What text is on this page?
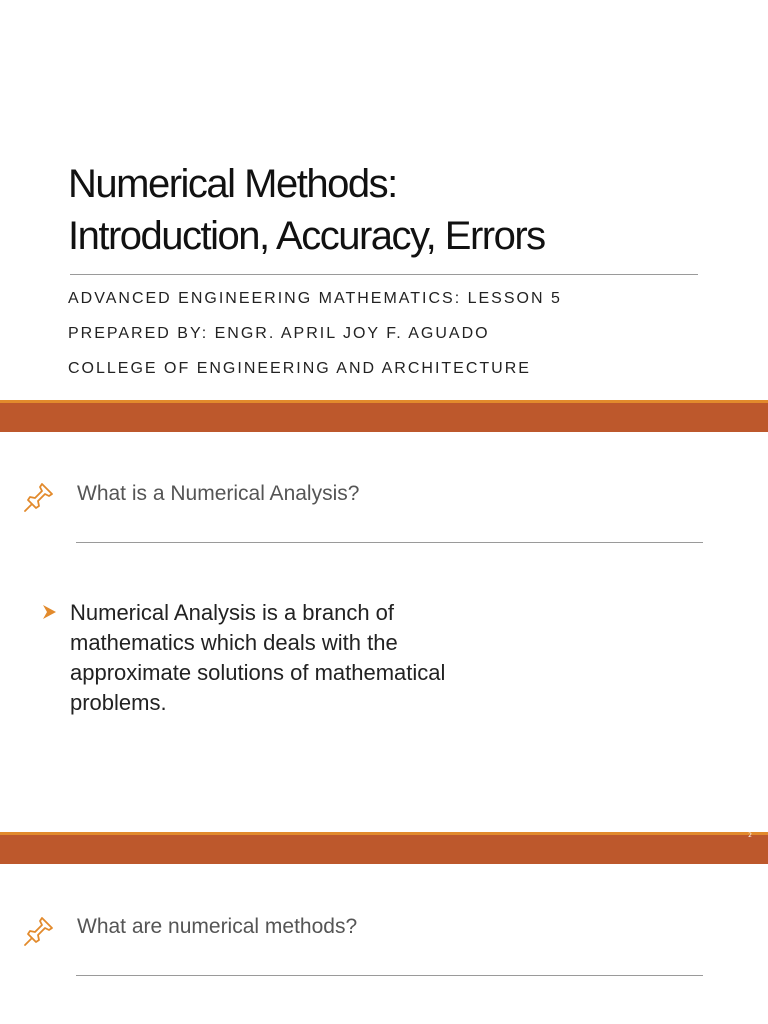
Numerical Methods:
Introduction, Accuracy, Errors
ADVANCED ENGINEERING MATHEMATICS: LESSON 5
PREPARED BY: ENGR. APRIL JOY F. AGUADO
COLLEGE OF ENGINEERING AND ARCHITECTURE
What is a Numerical Analysis?
Numerical Analysis is a branch of mathematics which deals with the approximate solutions of mathematical problems.
2
What are numerical methods?
